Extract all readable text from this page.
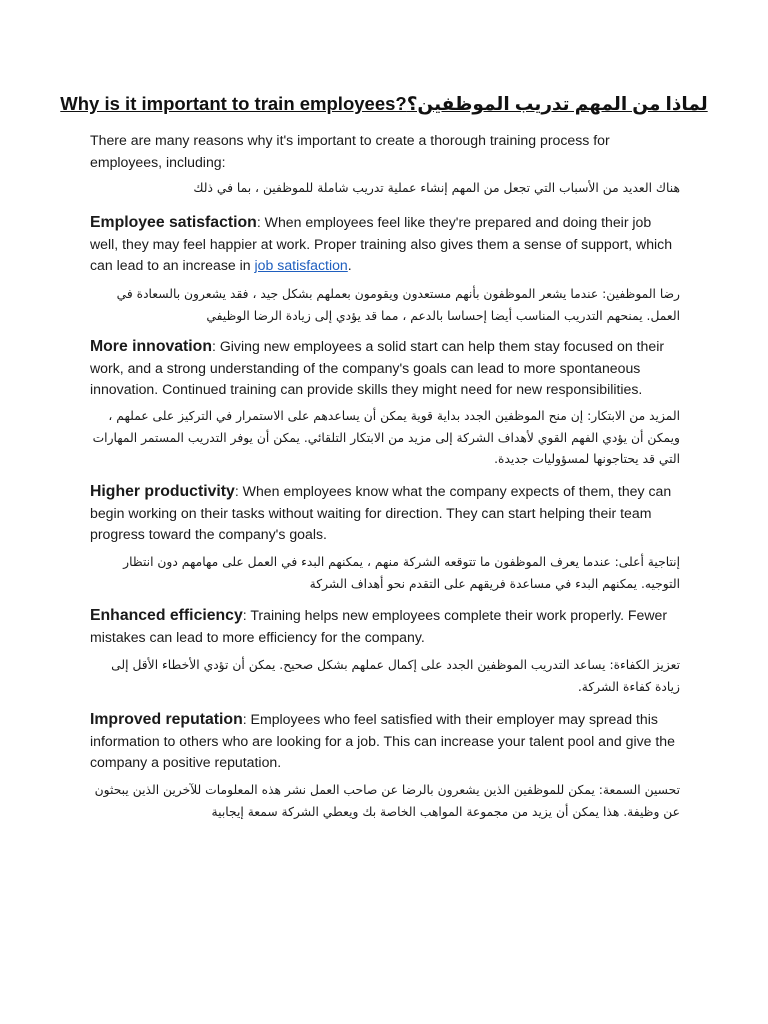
Why is it important to train employees?لماذا من المهم تدريب الموظفين؟
There are many reasons why it's important to create a thorough training process for employees, including:
هناك العديد من الأسباب التي تجعل من المهم إنشاء عملية تدريب شاملة للموظفين ، بما في ذلك
Employee satisfaction: When employees feel like they're prepared and doing their job well, they may feel happier at work. Proper training also gives them a sense of support, which can lead to an increase in job satisfaction.
رضا الموظفين: عندما يشعر الموظفون بأنهم مستعدون ويقومون بعملهم بشكل جيد ، فقد يشعرون بالسعادة في العمل. يمنحهم التدريب المناسب أيضا إحساسا بالدعم ، مما قد يؤدي إلى زيادة الرضا الوظيفي
More innovation: Giving new employees a solid start can help them stay focused on their work, and a strong understanding of the company's goals can lead to more spontaneous innovation. Continued training can provide skills they might need for new responsibilities.
المزيد من الابتكار: إن منح الموظفين الجدد بداية قوية يمكن أن يساعدهم على الاستمرار في التركيز على عملهم ، ويمكن أن يؤدي الفهم القوي لأهداف الشركة إلى مزيد من الابتكار التلقائي. يمكن أن يوفر التدريب المستمر المهارات التي قد يحتاجونها لمسؤوليات جديدة.
Higher productivity: When employees know what the company expects of them, they can begin working on their tasks without waiting for direction. They can start helping their team progress toward the company's goals.
إنتاجية أعلى: عندما يعرف الموظفون ما تتوقعه الشركة منهم ، يمكنهم البدء في العمل على مهامهم دون انتظار التوجيه. يمكنهم البدء في مساعدة فريقهم على التقدم نحو أهداف الشركة
Enhanced efficiency: Training helps new employees complete their work properly. Fewer mistakes can lead to more efficiency for the company.
تعزيز الكفاءة: يساعد التدريب الموظفين الجدد على إكمال عملهم بشكل صحيح. يمكن أن تؤدي الأخطاء الأقل إلى زيادة كفاءة الشركة.
Improved reputation: Employees who feel satisfied with their employer may spread this information to others who are looking for a job. This can increase your talent pool and give the company a positive reputation.
تحسين السمعة: يمكن للموظفين الذين يشعرون بالرضا عن صاحب العمل نشر هذه المعلومات للآخرين الذين يبحثون عن وظيفة. هذا يمكن أن يزيد من مجموعة المواهب الخاصة بك ويعطي الشركة سمعة إيجابية
